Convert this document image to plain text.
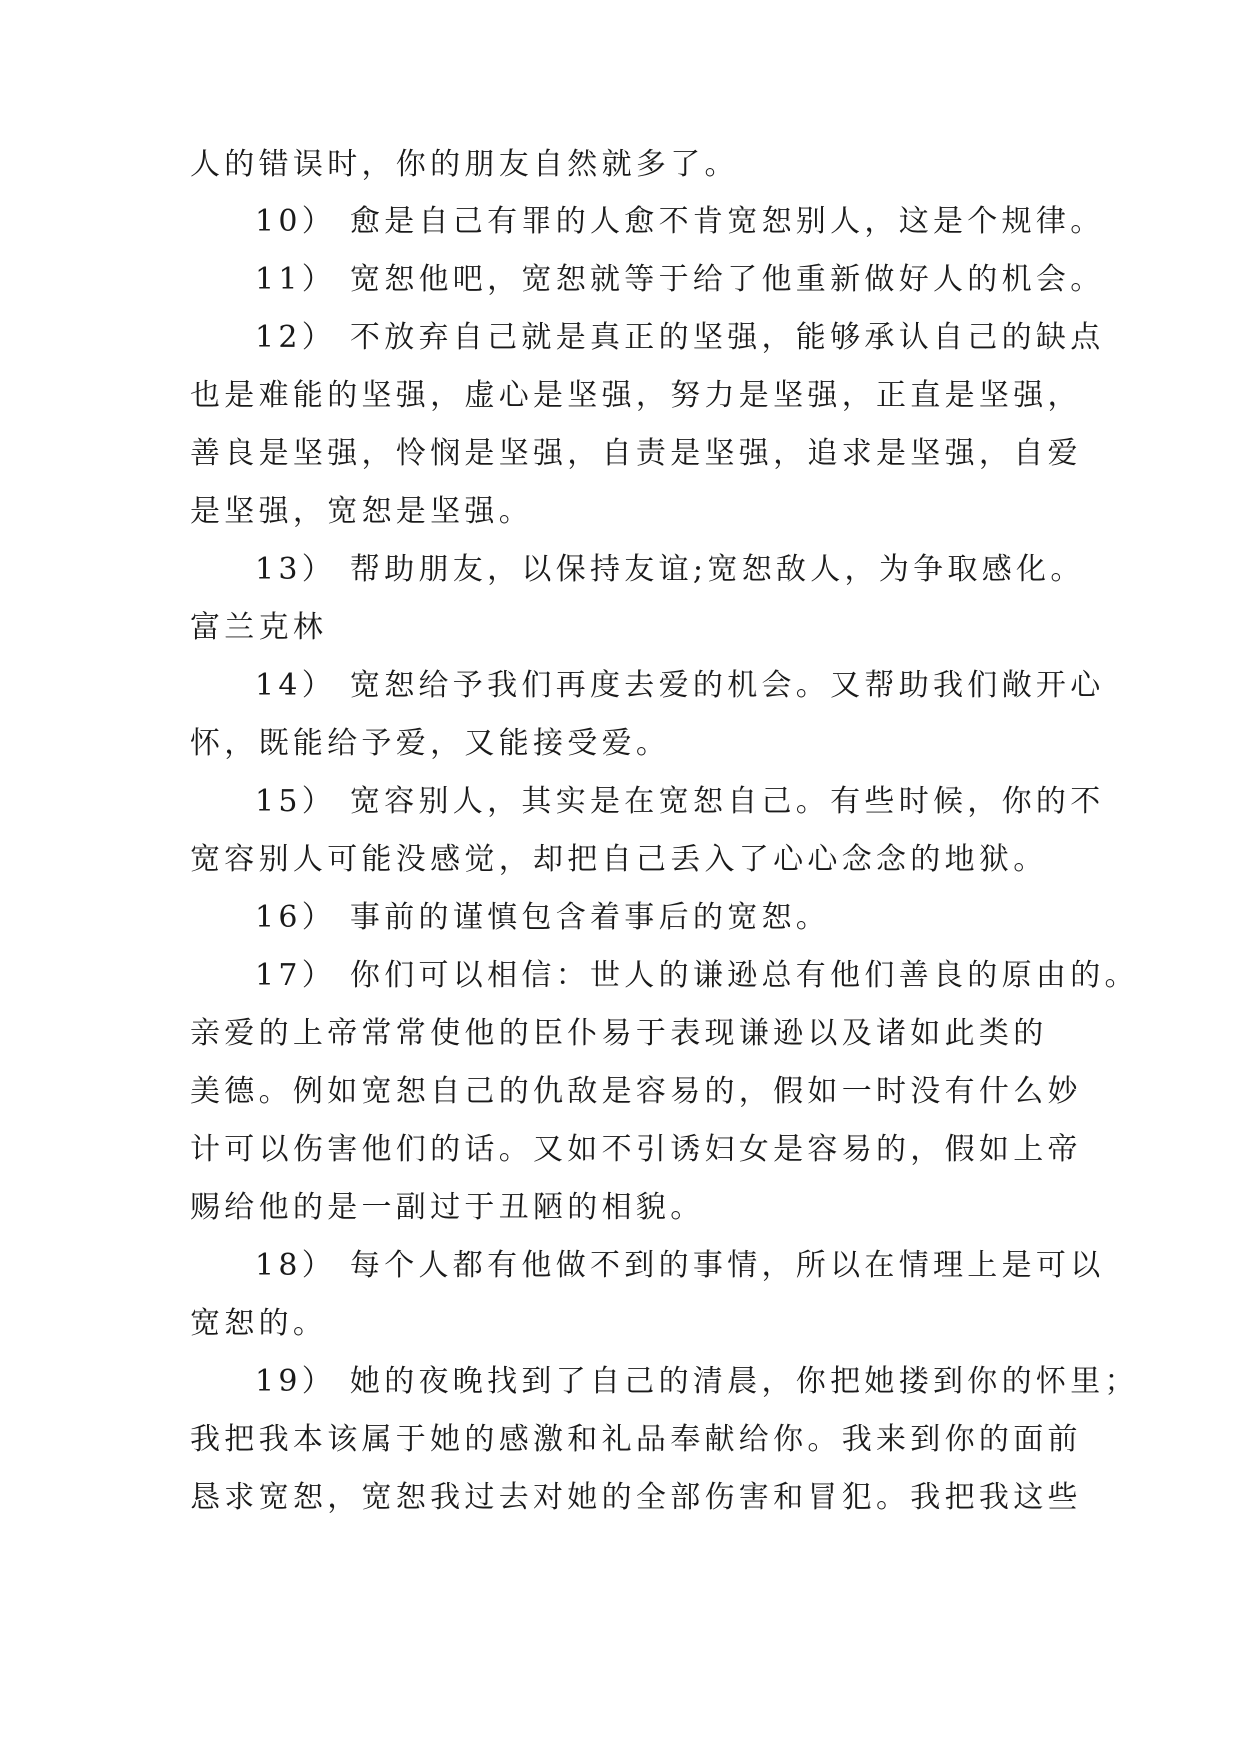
人的错误时，你的朋友自然就多了。
10） 愈是自己有罪的人愈不肯宽恕别人，这是个规律。
11） 宽恕他吧，宽恕就等于给了他重新做好人的机会。
12） 不放弃自己就是真正的坚强，能够承认自己的缺点
也是难能的坚强，虚心是坚强，努力是坚强，正直是坚强，
善良是坚强，怜悯是坚强，自责是坚强，追求是坚强，自爱
是坚强，宽恕是坚强。
13） 帮助朋友，以保持友谊;宽恕敌人，为争取感化。
富兰克林
14） 宽恕给予我们再度去爱的机会。又帮助我们敞开心
怀，既能给予爱，又能接受爱。
15） 宽容别人，其实是在宽恕自己。有些时候，你的不
宽容别人可能没感觉，却把自己丢入了心心念念的地狱。
16） 事前的谨慎包含着事后的宽恕。
17） 你们可以相信：世人的谦逊总有他们善良的原由的。
亲爱的上帝常常使他的臣仆易于表现谦逊以及诸如此类的
美德。例如宽恕自己的仇敌是容易的，假如一时没有什么妙
计可以伤害他们的话。又如不引诱妇女是容易的，假如上帝
赐给他的是一副过于丑陋的相貌。
18） 每个人都有他做不到的事情，所以在情理上是可以
宽恕的。
19） 她的夜晚找到了自己的清晨，你把她搂到你的怀里；
我把我本该属于她的感激和礼品奉献给你。我来到你的面前
恳求宽恕，宽恕我过去对她的全部伤害和冒犯。我把我这些
